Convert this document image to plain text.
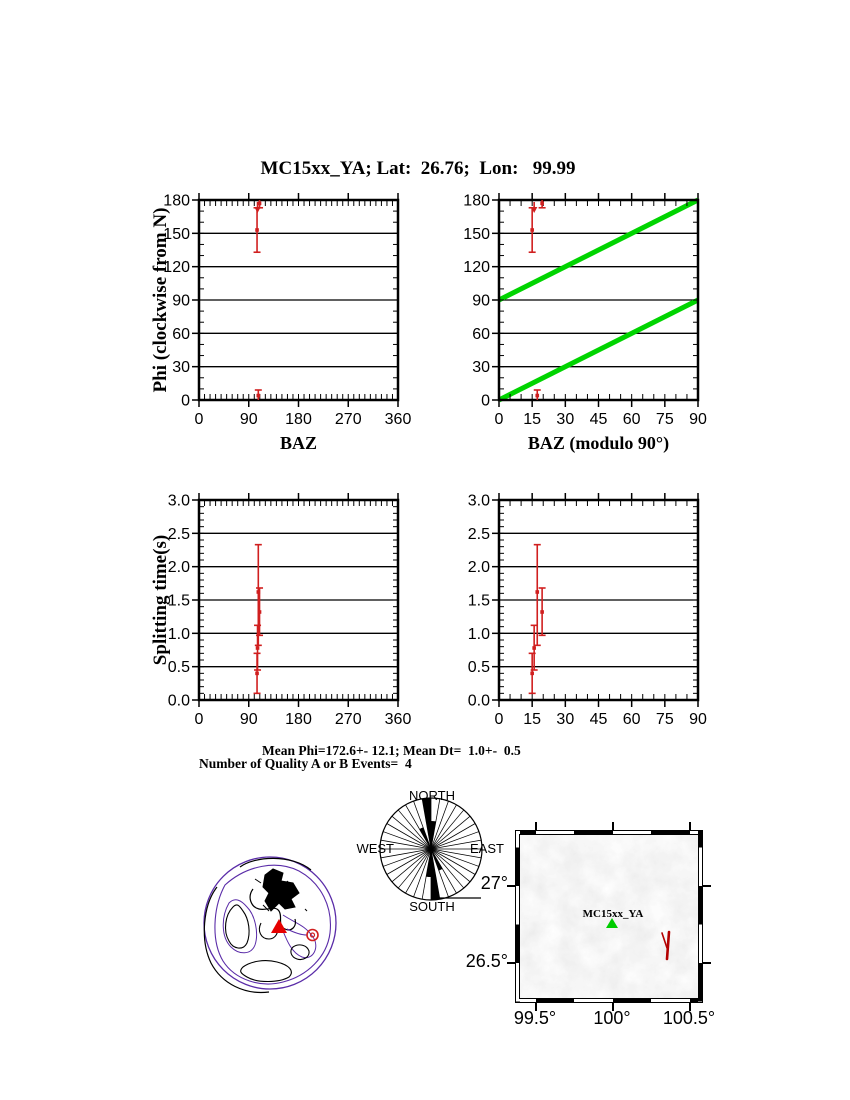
MC15xx_YA; Lat:  26.76;  Lon:   99.99
0 90 180 270 360
0
30
60
90
120
150
180
BAZ
Phi (clockwise from N)
0 15 30 45 60 75 90
0
30
60
90
120
150
180
BAZ (modulo 90°)
0 90 180 270 360
0.0
0.5
1.0
1.5
2.0
2.5
3.0
Splitting time(s)
0 15 30 45 60 75 90
0.0
0.5
1.0
1.5
2.0
2.5
3.0
Mean Phi=172.6+- 12.1; Mean Dt=  1.0+-  0.5
Number of Quality A or B Events=  4
NORTH
SOUTH
WEST	EAST
MC15xx_YA
99.5°	100°	100.5°
27°
26.5°
